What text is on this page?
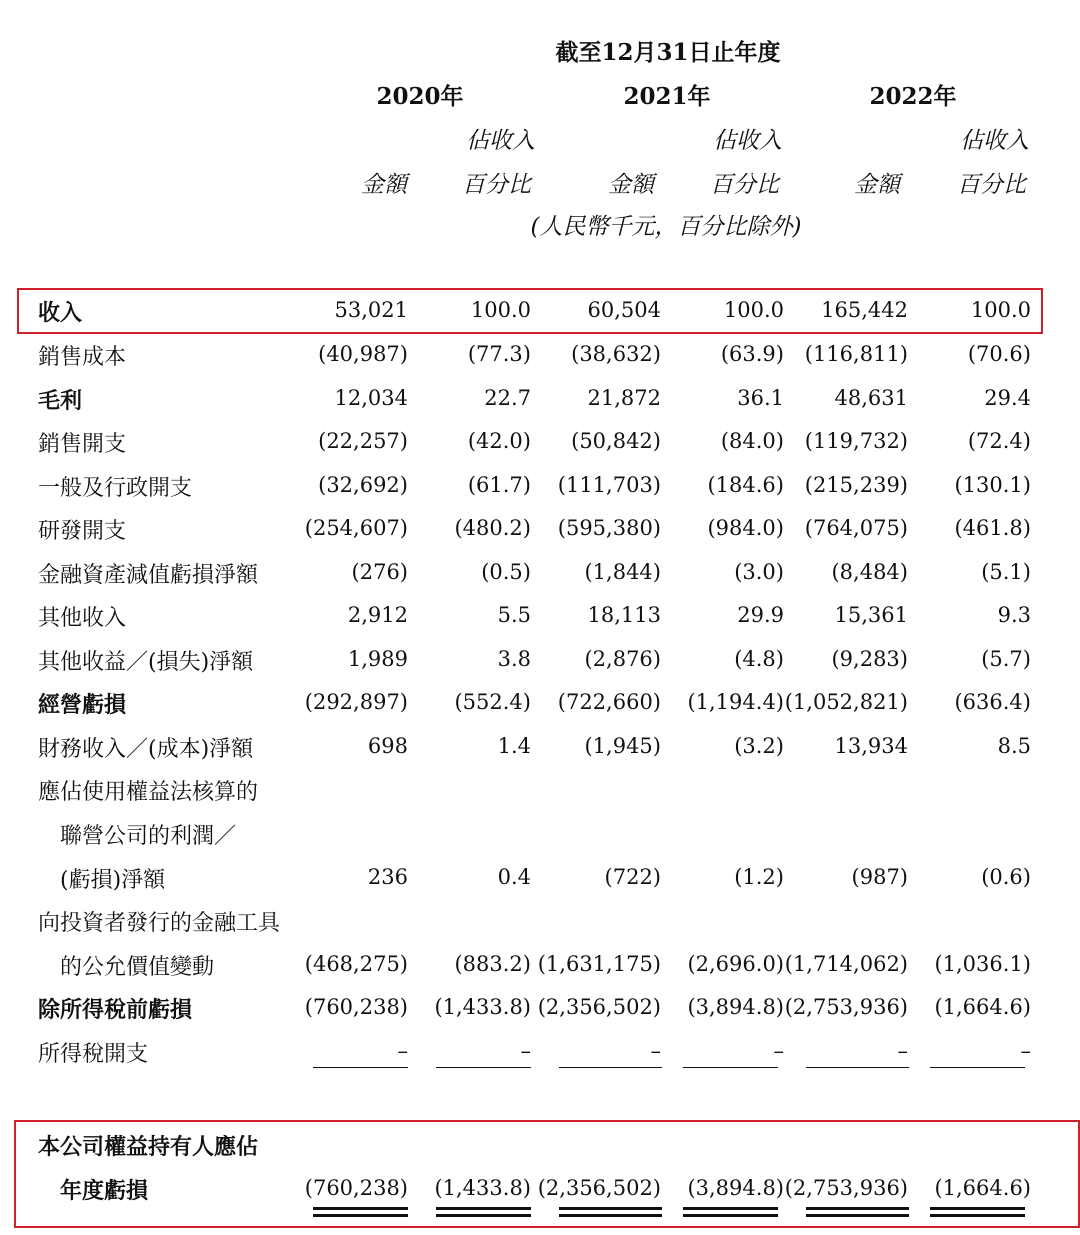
截至12月31日止年度
2020年	2021年	2022年
佔收入	佔收入	佔收入
金額 百分比	金額 百分比	金額 百分比
(人民幣千元，百分比除外)
收入	53,021	100.0	60,504	100.0 165,442	100.0
銷售成本	(40,987)	(77.3) (38,632)	(63.9) (116,811)	(70.6)
毛利	12,034	22.7	21,872	36.1 48,631	29.4
銷售開支	(22,257)	(42.0) (50,842)	(84.0) (119,732)	(72.4)
一般及行政開支	(32,692)	(61.7) (111,703) (184.6) (215,239) (130.1)
研發開支	(254,607) (480.2) (595,380) (984.0) (764,075) (461.8)
金融資產減值虧損淨額	(276)	(0.5)	(1,844)	(3.0) (8,484)	(5.1)
其他收入	2,912	5.5	18,113	29.9 15,361	9.3
其他收益／(損失)淨額	1,989	3.8	(2,876)	(4.8) (9,283)	(5.7)
經營虧損	(292,897) (552.4) (722,660) (1,194.4) (1,052,821) (636.4)
財務收入／(成本)淨額	698	1.4	(1,945)	(3.2) 13,934	8.5
應佔使用權益法核算的
聯營公司的利潤／
(虧損)淨額	236	0.4	(722)	(1.2)	(987)	(0.6)
向投資者發行的金融工具
的公允價值變動	(468,275) (883.2) (1,631,175) (2,696.0) (1,714,062) (1,036.1)
除所得稅前虧損	(760,238) (1,433.8) (2,356,502) (3,894.8) (2,753,936) (1,664.6)
所得稅開支	–	–	–	–	–	–
本公司權益持有人應佔
年度虧損	(760,238) (1,433.8) (2,356,502) (3,894.8) (2,753,936) (1,664.6)
